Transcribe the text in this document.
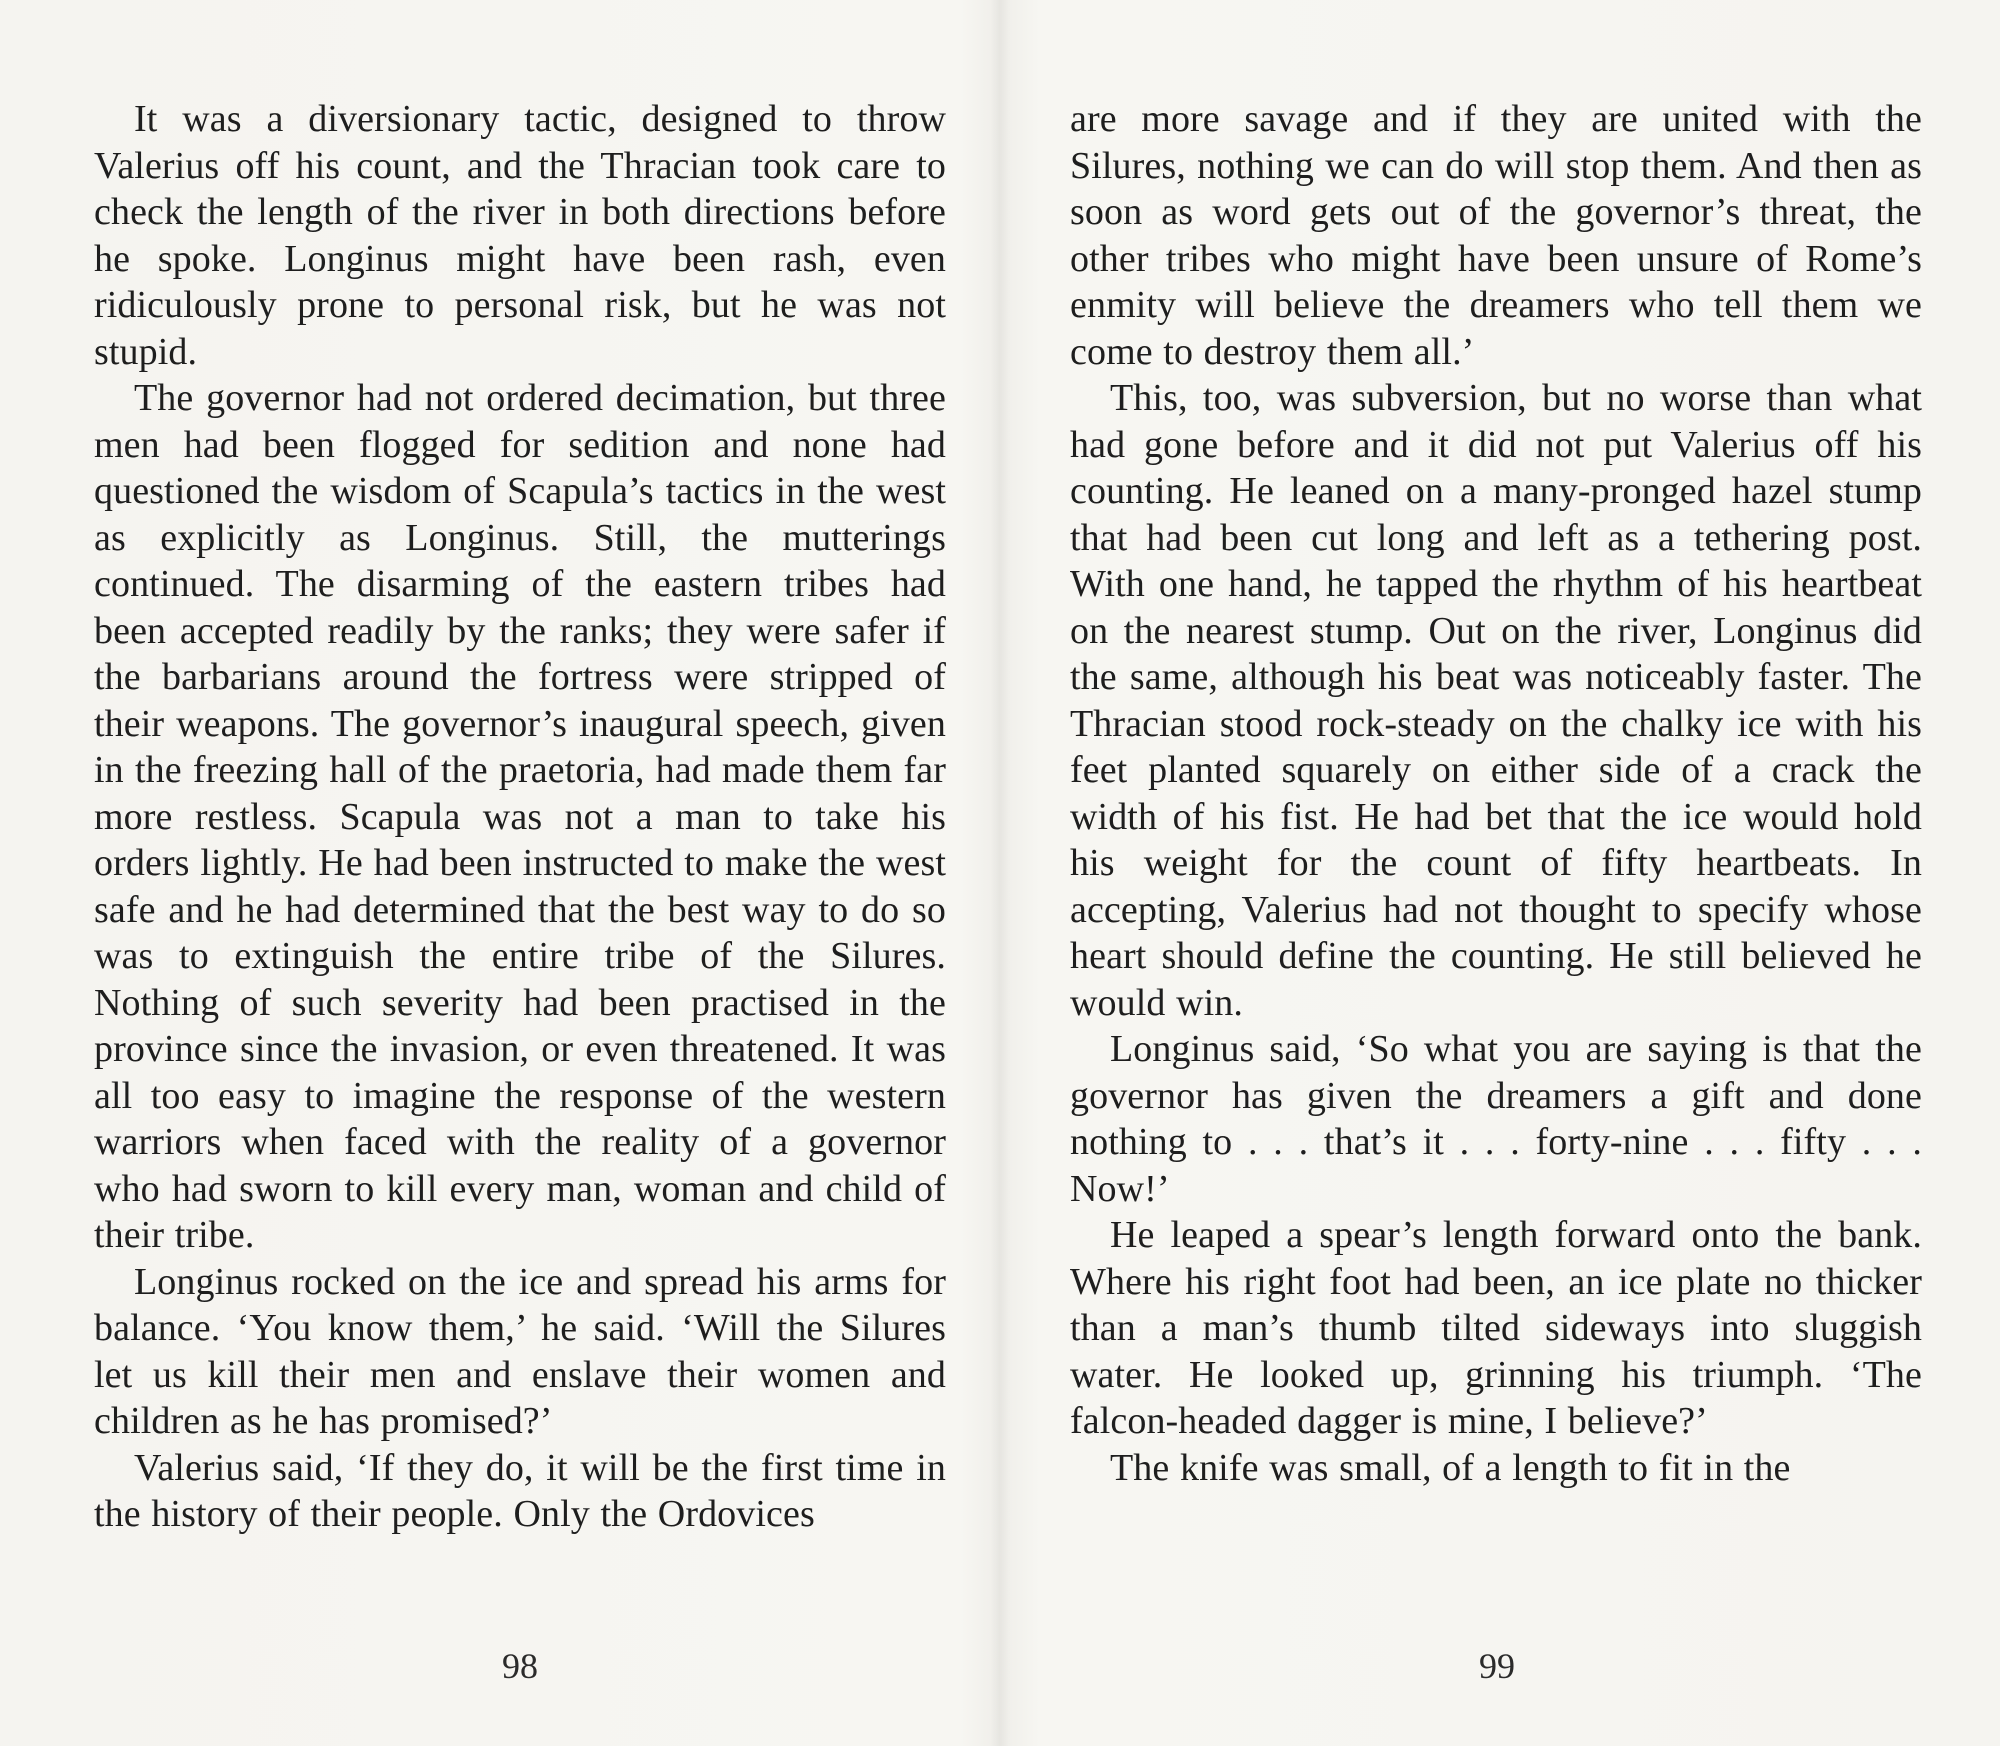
It was a diversionary tactic, designed to throw Valerius off his count, and the Thracian took care to check the length of the river in both directions before he spoke. Longinus might have been rash, even ridiculously prone to personal risk, but he was not stupid.

The governor had not ordered decimation, but three men had been flogged for sedition and none had questioned the wisdom of Scapula’s tactics in the west as explicitly as Longinus. Still, the mutterings continued. The disarming of the eastern tribes had been accepted readily by the ranks; they were safer if the barbarians around the fortress were stripped of their weapons. The governor’s inaugural speech, given in the freezing hall of the praetoria, had made them far more restless. Scapula was not a man to take his orders lightly. He had been instructed to make the west safe and he had determined that the best way to do so was to extinguish the entire tribe of the Silures. Nothing of such severity had been practised in the province since the invasion, or even threatened. It was all too easy to imagine the response of the western warriors when faced with the reality of a governor who had sworn to kill every man, woman and child of their tribe.

Longinus rocked on the ice and spread his arms for balance. ‘You know them,’ he said. ‘Will the Silures let us kill their men and enslave their women and children as he has promised?’

Valerius said, ‘If they do, it will be the first time in the history of their people. Only the Ordovices

are more savage and if they are united with the Silures, nothing we can do will stop them. And then as soon as word gets out of the governor’s threat, the other tribes who might have been unsure of Rome’s enmity will believe the dreamers who tell them we come to destroy them all.’

This, too, was subversion, but no worse than what had gone before and it did not put Valerius off his counting. He leaned on a many-pronged hazel stump that had been cut long and left as a tethering post. With one hand, he tapped the rhythm of his heartbeat on the nearest stump. Out on the river, Longinus did the same, although his beat was noticeably faster. The Thracian stood rock-steady on the chalky ice with his feet planted squarely on either side of a crack the width of his fist. He had bet that the ice would hold his weight for the count of fifty heartbeats. In accepting, Valerius had not thought to specify whose heart should define the counting. He still believed he would win.

Longinus said, ‘So what you are saying is that the governor has given the dreamers a gift and done nothing to . . . that’s it . . . forty-nine . . . fifty . . . Now!’

He leaped a spear’s length forward onto the bank. Where his right foot had been, an ice plate no thicker than a man’s thumb tilted sideways into sluggish water. He looked up, grinning his triumph. ‘The falcon-headed dagger is mine, I believe?’

The knife was small, of a length to fit in the

98	99
